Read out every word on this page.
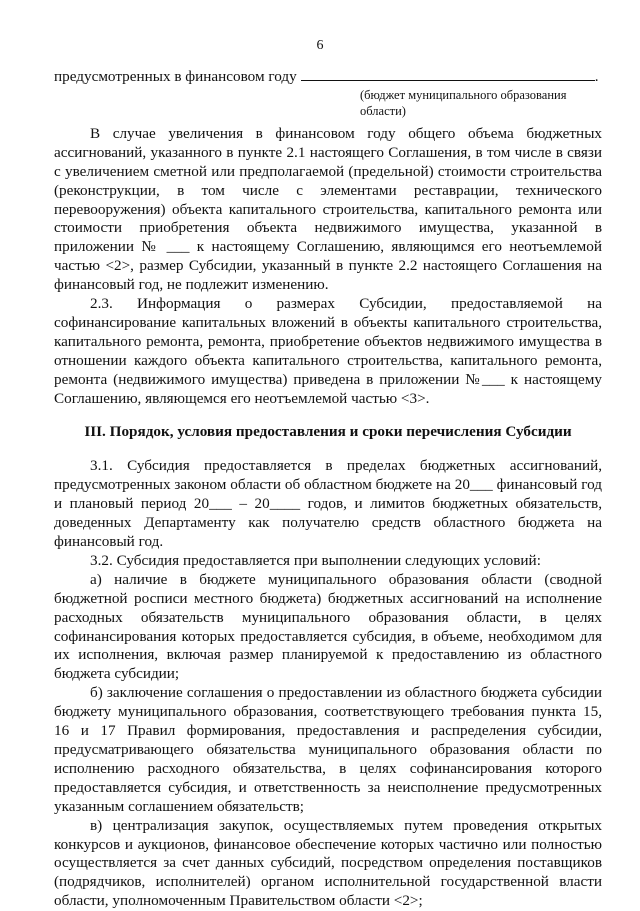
6

предусмотренных в финансовом году	.

(бюджет муниципального образования области)

В случае увеличения в финансовом году общего объема бюджетных ассигнований, указанного в пункте 2.1 настоящего Соглашения, в том числе в связи с увеличением сметной или предполагаемой (предельной) стоимости строительства (реконструкции, в том числе с элементами реставрации, технического перевооружения) объекта капитального строительства, капитального ремонта или стоимости приобретения объекта недвижимого имущества, указанной в приложении № ___ к настоящему Соглашению, являющимся его неотъемлемой частью <2>, размер Субсидии, указанный в пункте 2.2 настоящего Соглашения на финансовый год, не подлежит изменению.

2.3. Информация о размерах Субсидии, предоставляемой на софинансирование капитальных вложений в объекты капитального строительства, капитального ремонта, ремонта, приобретение объектов недвижимого имущества в отношении каждого объекта капитального строительства, капитального ремонта, ремонта (недвижимого имущества) приведена в приложении №___ к настоящему Соглашению, являющемся его неотъемлемой частью <3>.

III. Порядок, условия предоставления и сроки перечисления Субсидии

3.1. Субсидия предоставляется в пределах бюджетных ассигнований, предусмотренных законом области об областном бюджете на 20___ финансовый год и плановый период 20___ – 20____ годов, и лимитов бюджетных обязательств, доведенных Департаменту как получателю средств областного бюджета на финансовый год.

3.2. Субсидия предоставляется при выполнении следующих условий:

а) наличие в бюджете муниципального образования области (сводной бюджетной росписи местного бюджета) бюджетных ассигнований на исполнение расходных обязательств муниципального образования области, в целях софинансирования которых предоставляется субсидия, в объеме, необходимом для их исполнения, включая размер планируемой к предоставлению из областного бюджета субсидии;

б) заключение соглашения о предоставлении из областного бюджета субсидии бюджету муниципального образования, соответствующего требования пункта 15, 16 и 17 Правил формирования, предоставления и распределения субсидии, предусматривающего обязательства муниципального образования области по исполнению расходного обязательства, в целях софинансирования которого предоставляется субсидия, и ответственность за неисполнение предусмотренных указанным соглашением обязательств;

в) централизация закупок, осуществляемых путем проведения открытых конкурсов и аукционов, финансовое обеспечение которых частично или полностью осуществляется за счет данных субсидий, посредством определения поставщиков (подрядчиков, исполнителей) органом исполнительной государственной власти области, уполномоченным Правительством области <2>;
